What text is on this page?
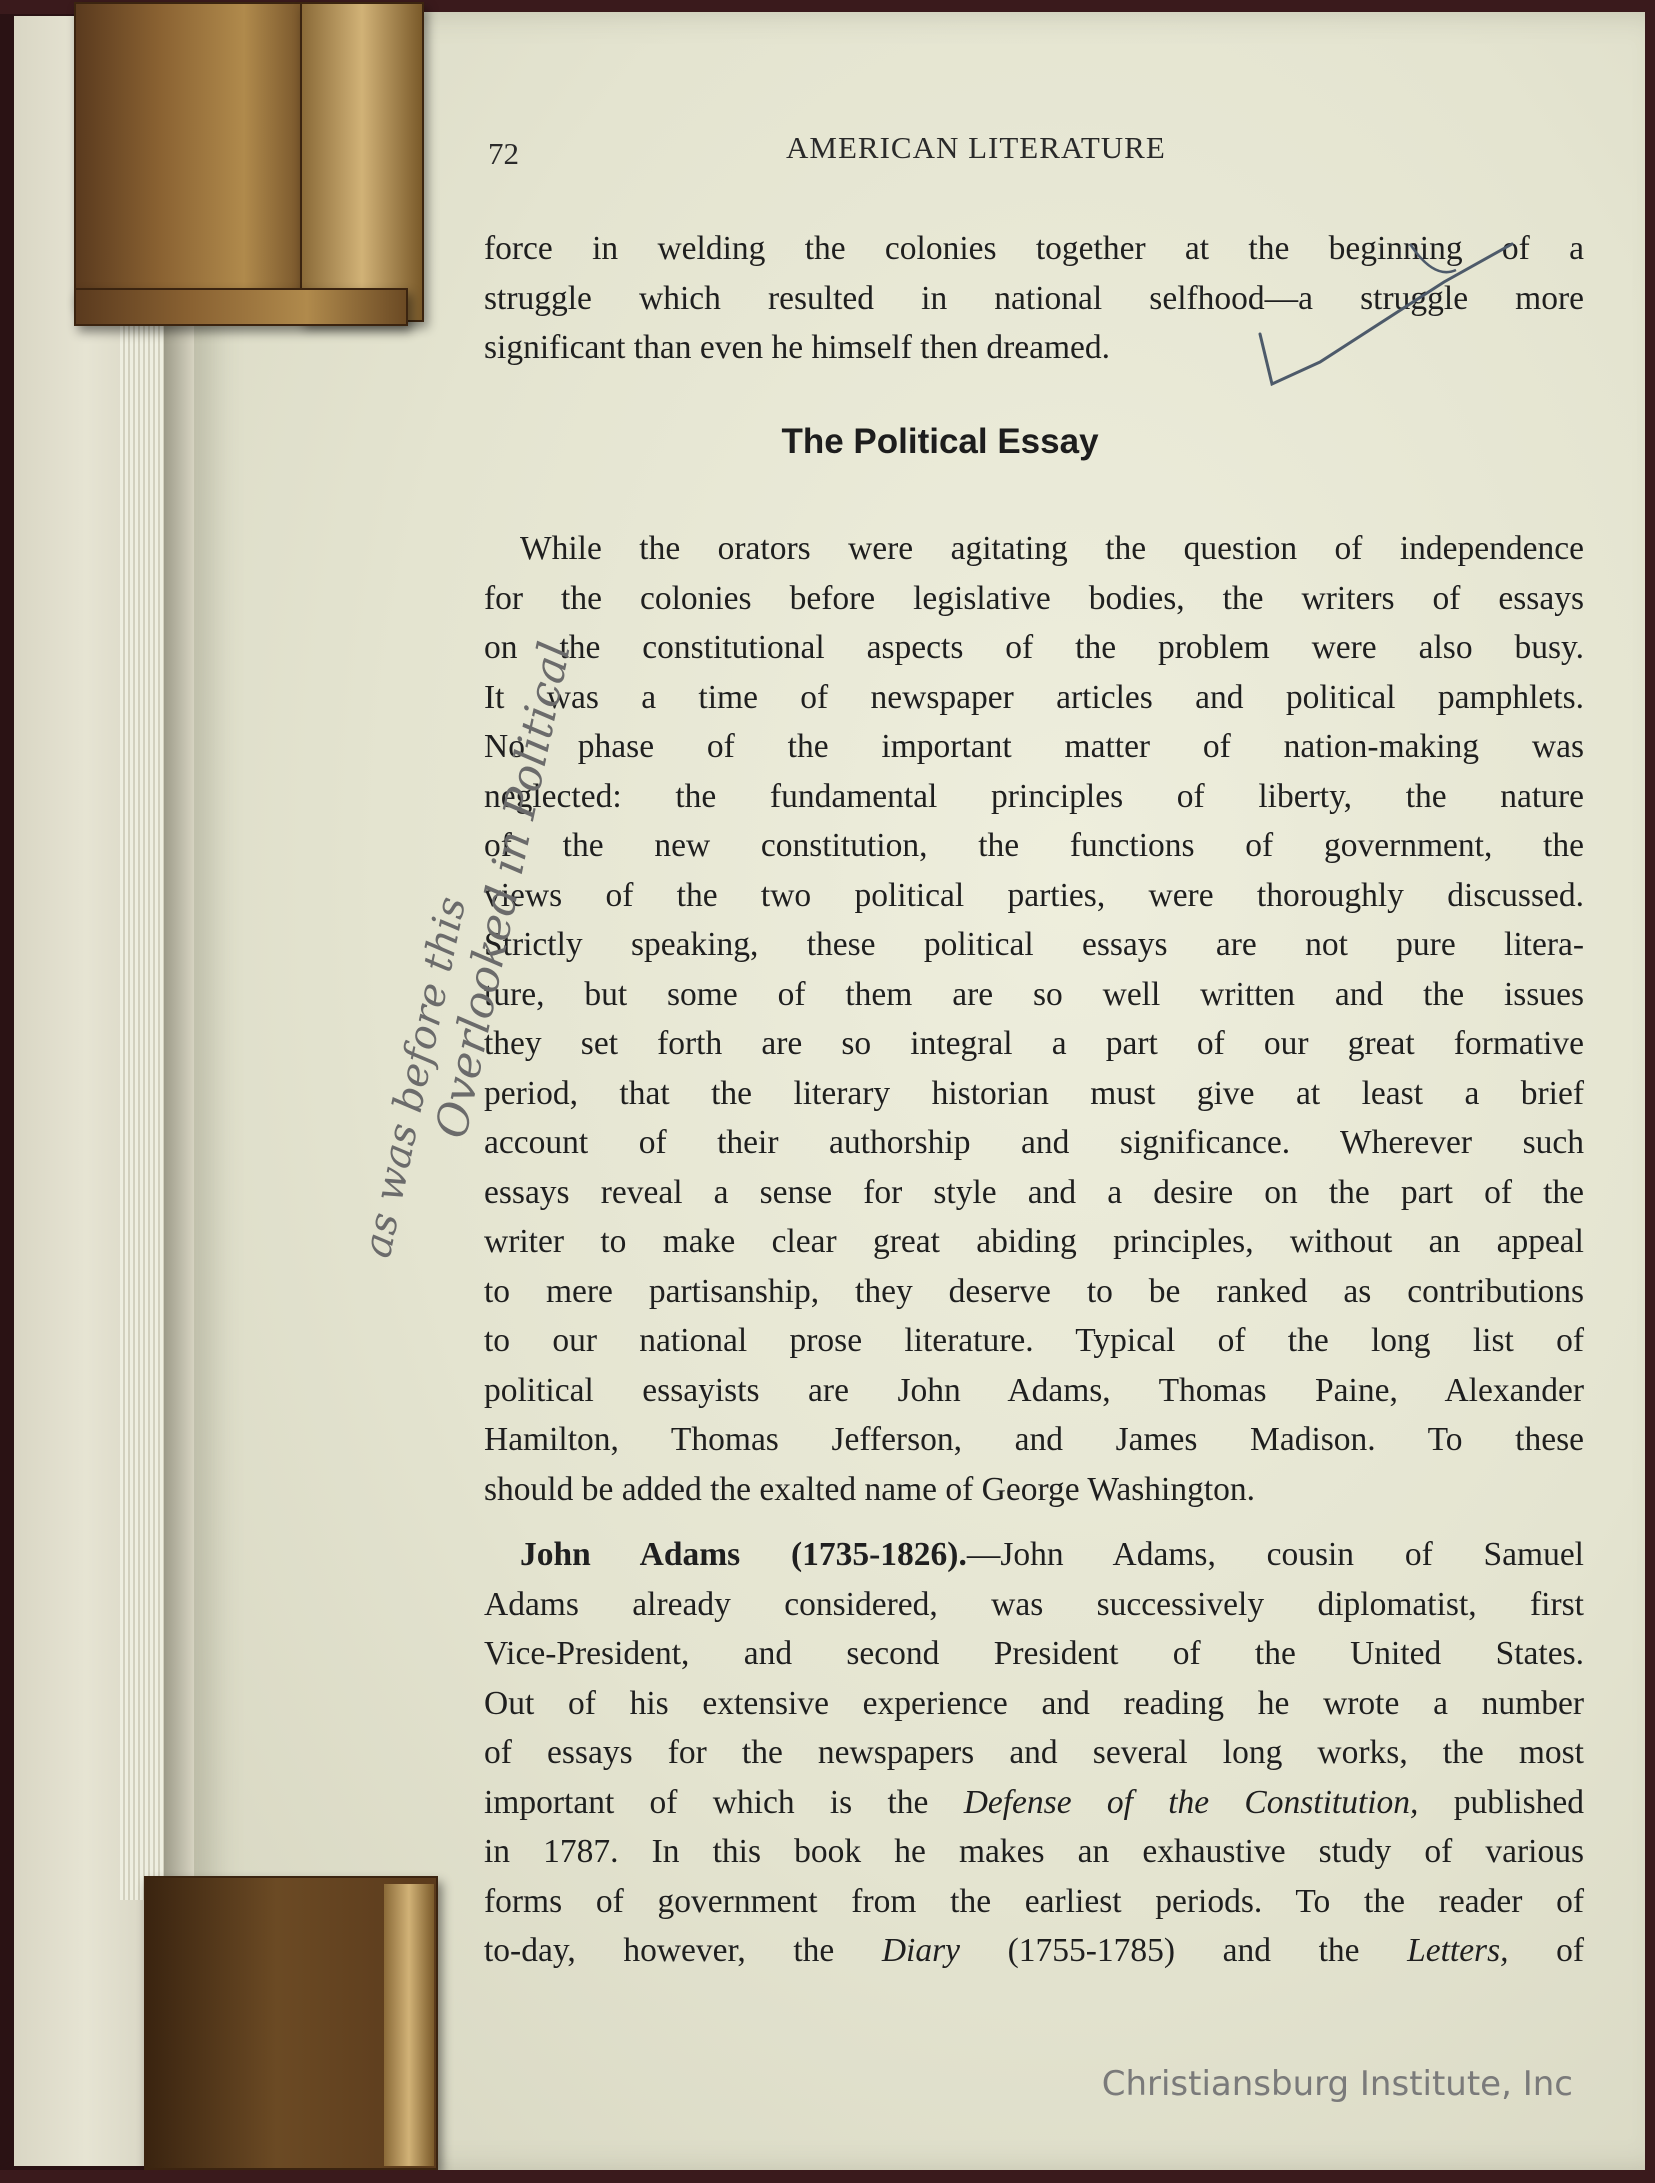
72	AMERICAN LITERATURE
force in welding the colonies together at the beginning of a
struggle which resulted in national selfhood—a struggle more
significant than even he himself then dreamed.
The Political Essay
While the orators were agitating the question of independence
for the colonies before legislative bodies, the writers of essays
on the constitutional aspects of the problem were also busy.
It was a time of newspaper articles and political pamphlets.
No phase of the important matter of nation-making was
neglected: the fundamental principles of liberty, the nature
of the new constitution, the functions of government, the
views of the two political parties, were thoroughly discussed.
Strictly speaking, these political essays are not pure litera-
ture, but some of them are so well written and the issues
they set forth are so integral a part of our great formative
period, that the literary historian must give at least a brief
account of their authorship and significance. Wherever such
essays reveal a sense for style and a desire on the part of the
writer to make clear great abiding principles, without an appeal
to mere partisanship, they deserve to be ranked as contributions
to our national prose literature. Typical of the long list of
political essayists are John Adams, Thomas Paine, Alexander
Hamilton, Thomas Jefferson, and James Madison. To these
should be added the exalted name of George Washington.
John Adams (1735-1826).—John Adams, cousin of Samuel
Adams already considered, was successively diplomatist, first
Vice-President, and second President of the United States.
Out of his extensive experience and reading he wrote a number
of essays for the newspapers and several long works, the most
important of which is the Defense of the Constitution, published
in 1787. In this book he makes an exhaustive study of various
forms of government from the earliest periods. To the reader of
to-day, however, the Diary (1755-1785) and the Letters, of
Overlooked in Political
as was before this
Christiansburg Institute, Inc
